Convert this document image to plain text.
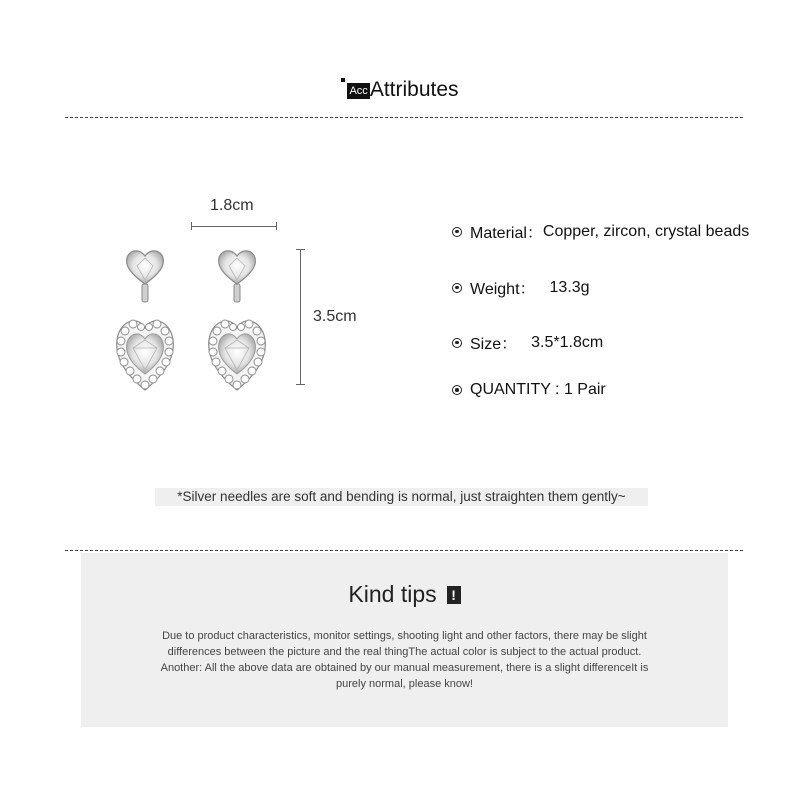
AccAttributes
1.8cm
3.5cm
Material： Copper, zircon, crystal beads
Weight： 13.3g
Size： 3.5*1.8cm
QUANTITY : 1 Pair
*Silver needles are soft and bending is normal, just straighten them gently~
Kind tips !
Due to product characteristics, monitor settings, shooting light and other factors, there may be slight
differences between the picture and the real thingThe actual color is subject to the actual product.
Another: All the above data are obtained by our manual measurement, there is a slight differenceIt is
purely normal, please know!
